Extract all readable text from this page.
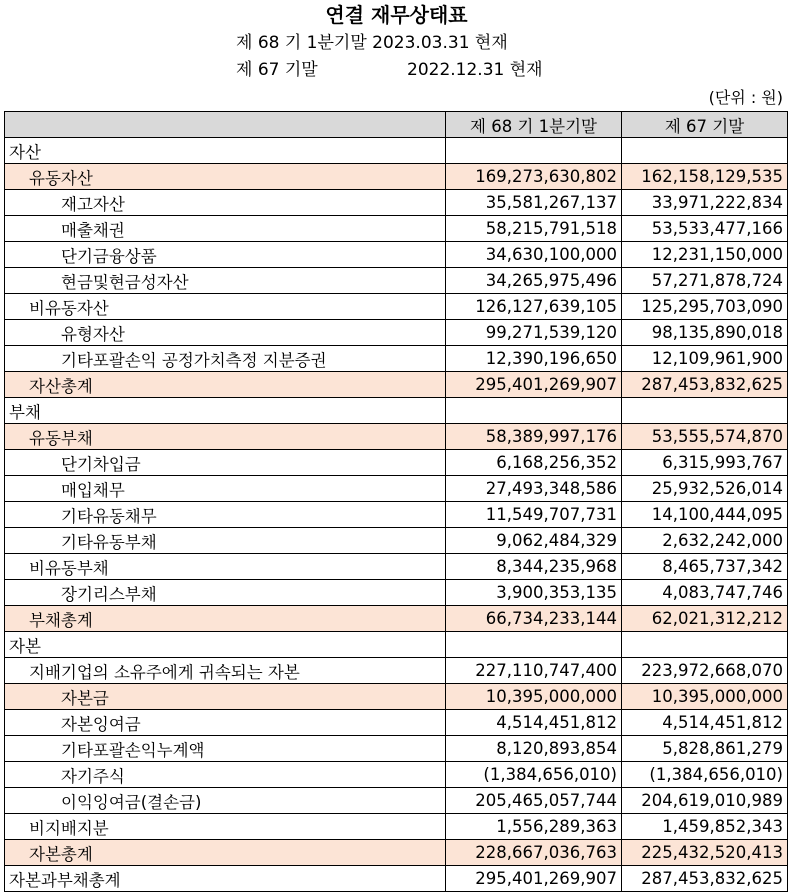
연결 재무상태표
제 68 기 1분기말 2023.03.31 현재
제 67 기말	2022.12.31 현재
(단위 : 원)
	제 68 기 1분기말	제 67 기말
자산		
유동자산	169,273,630,802	162,158,129,535
재고자산	35,581,267,137	33,971,222,834
매출채권	58,215,791,518	53,533,477,166
단기금융상품	34,630,100,000	12,231,150,000
현금및현금성자산	34,265,975,496	57,271,878,724
비유동자산	126,127,639,105	125,295,703,090
유형자산	99,271,539,120	98,135,890,018
기타포괄손익 공정가치측정 지분증권	12,390,196,650	12,109,961,900
자산총계	295,401,269,907	287,453,832,625
부채		
유동부채	58,389,997,176	53,555,574,870
단기차입금	6,168,256,352	6,315,993,767
매입채무	27,493,348,586	25,932,526,014
기타유동채무	11,549,707,731	14,100,444,095
기타유동부채	9,062,484,329	2,632,242,000
비유동부채	8,344,235,968	8,465,737,342
장기리스부채	3,900,353,135	4,083,747,746
부채총계	66,734,233,144	62,021,312,212
자본		
지배기업의 소유주에게 귀속되는 자본	227,110,747,400	223,972,668,070
자본금	10,395,000,000	10,395,000,000
자본잉여금	4,514,451,812	4,514,451,812
기타포괄손익누계액	8,120,893,854	5,828,861,279
자기주식	(1,384,656,010)	(1,384,656,010)
이익잉여금(결손금)	205,465,057,744	204,619,010,989
비지배지분	1,556,289,363	1,459,852,343
자본총계	228,667,036,763	225,432,520,413
자본과부채총계	295,401,269,907	287,453,832,625
